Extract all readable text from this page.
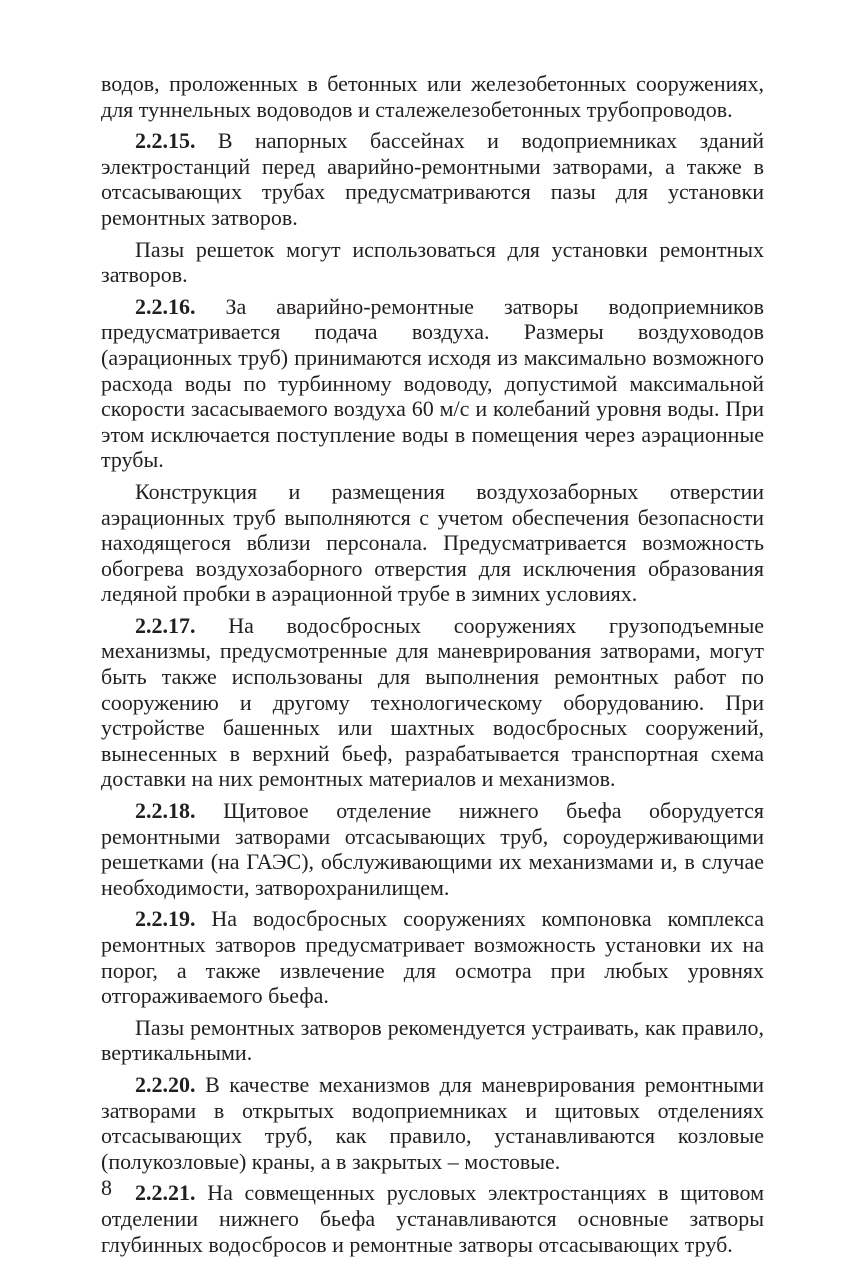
водов, проложенных в бетонных или железобетонных сооружениях, для туннельных водоводов и сталежелезобетонных трубопроводов.

2.2.15. В напорных бассейнах и водоприемниках зданий электростанций перед аварийно-ремонтными затворами, а также в отсасывающих трубах предусматриваются пазы для установки ремонтных затворов.

Пазы решеток могут использоваться для установки ремонтных затворов.

2.2.16. За аварийно-ремонтные затворы водоприемников предусматривается подача воздуха. Размеры воздуховодов (аэрационных труб) принимаются исходя из максимально возможного расхода воды по турбинному водоводу, допустимой максимальной скорости засасываемого воздуха 60 м/с и колебаний уровня воды. При этом исключается поступление воды в помещения через аэрационные трубы.

Конструкция и размещения воздухозаборных отверстии аэрационных труб выполняются с учетом обеспечения безопасности находящегося вблизи персонала. Предусматривается возможность обогрева воздухозаборного отверстия для исключения образования ледяной пробки в аэрационной трубе в зимних условиях.

2.2.17. На водосбросных сооружениях грузоподъемные механизмы, предусмотренные для маневрирования затворами, могут быть также использованы для выполнения ремонтных работ по сооружению и другому технологическому оборудованию. При устройстве башенных или шахтных водосбросных сооружений, вынесенных в верхний бьеф, разрабатывается транспортная схема доставки на них ремонтных материалов и механизмов.

2.2.18. Щитовое отделение нижнего бьефа оборудуется ремонтными затворами отсасывающих труб, сороудерживающими решетками (на ГАЭС), обслуживающими их механизмами и, в случае необходимости, затворохранилищем.

2.2.19. На водосбросных сооружениях компоновка комплекса ремонтных затворов предусматривает возможность установки их на порог, а также извлечение для осмотра при любых уровнях отгораживаемого бьефа.

Пазы ремонтных затворов рекомендуется устраивать, как правило, вертикальными.

2.2.20. В качестве механизмов для маневрирования ремонтными затворами в открытых водоприемниках и щитовых отделениях отсасывающих труб, как правило, устанавливаются козловые (полукозловые) краны, а в закрытых – мостовые.

2.2.21. На совмещенных русловых электростанциях в щитовом отделении нижнего бьефа устанавливаются основные затворы глубинных водосбросов и ремонтные затворы отсасывающих труб.

8
